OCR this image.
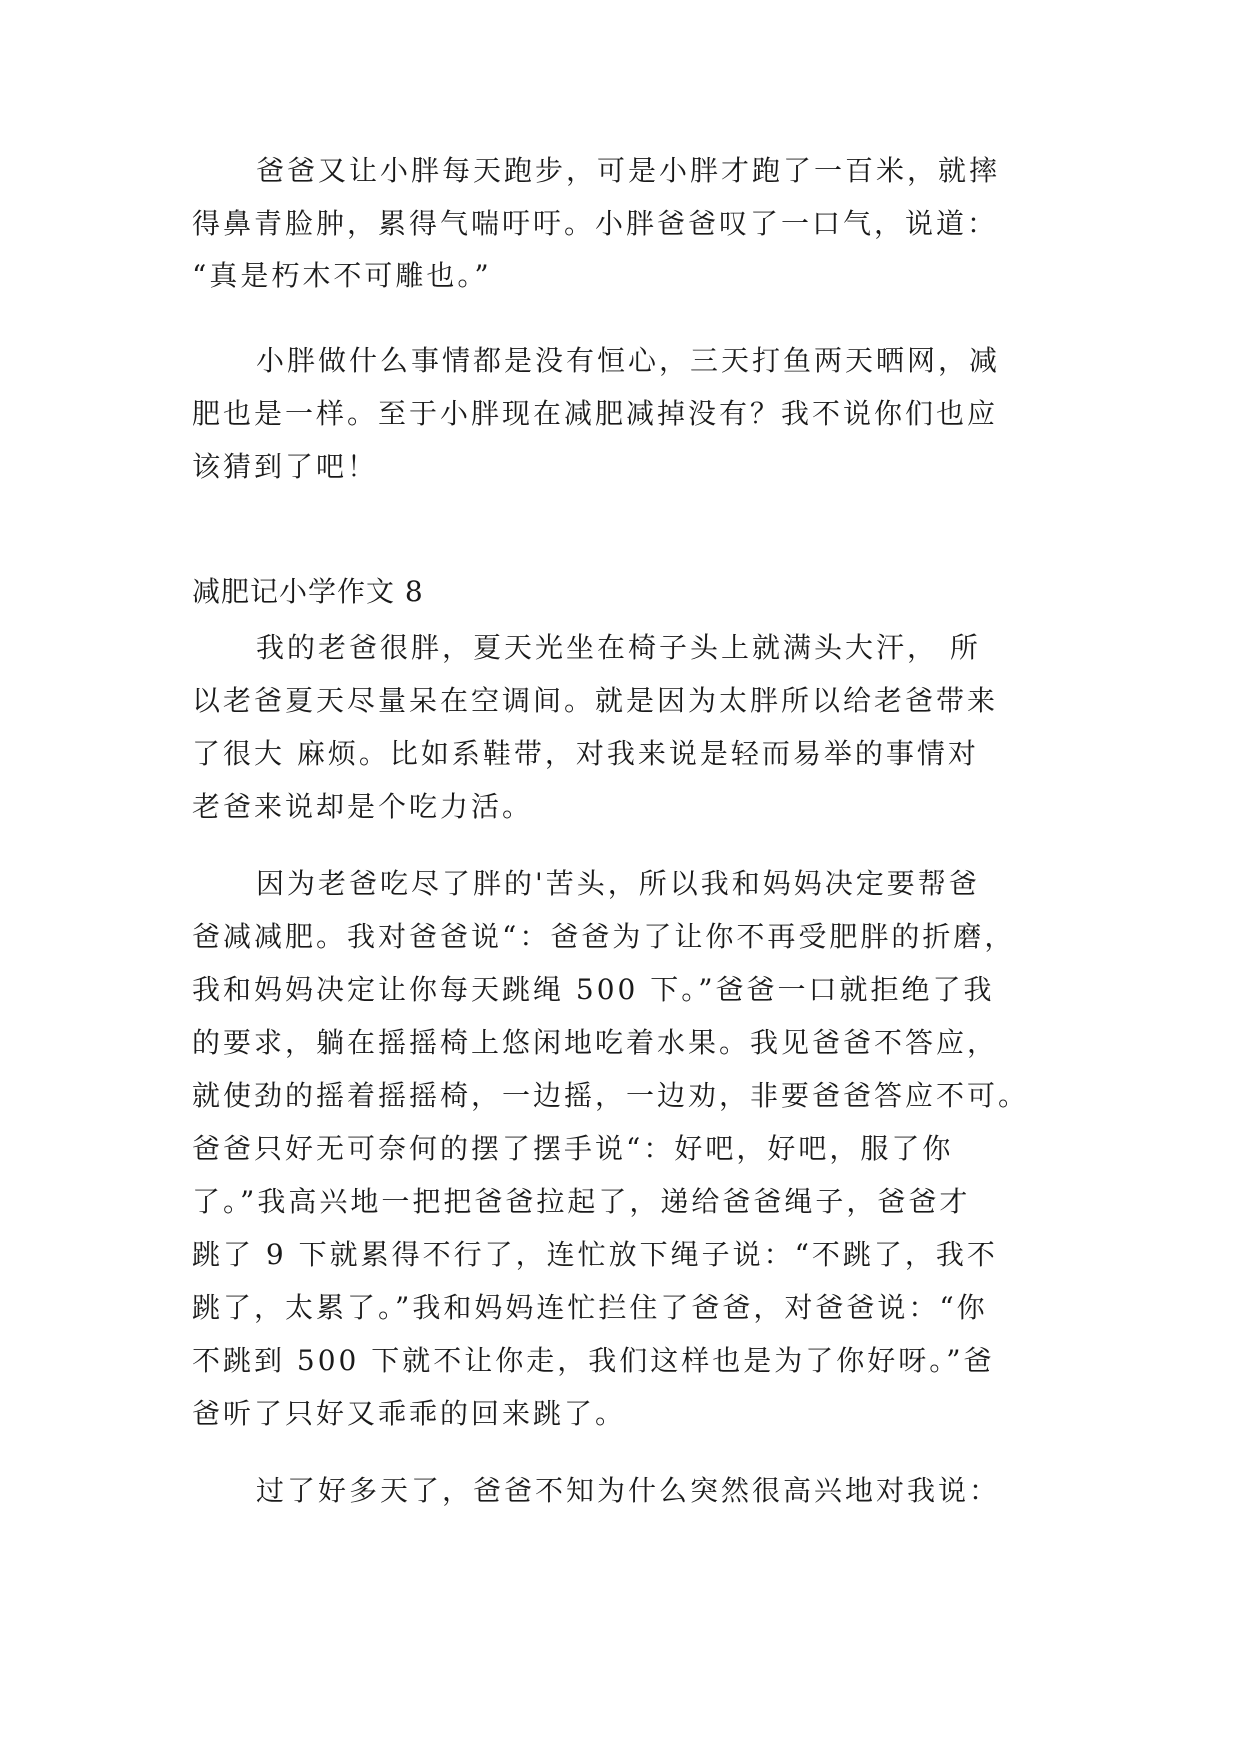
爸爸又让小胖每天跑步，可是小胖才跑了一百米，就摔

得鼻青脸肿，累得气喘吁吁。小胖爸爸叹了一口气，说道：

“真是朽木不可雕也。”

小胖做什么事情都是没有恒心，三天打鱼两天晒网，减

肥也是一样。至于小胖现在减肥减掉没有？我不说你们也应

该猜到了吧！

减肥记小学作文 8

我的老爸很胖，夏天光坐在椅子头上就满头大汗， 所

以老爸夏天尽量呆在空调间。就是因为太胖所以给老爸带来

了很大 麻烦。比如系鞋带，对我来说是轻而易举的事情对

老爸来说却是个吃力活。

因为老爸吃尽了胖的'苦头，所以我和妈妈决定要帮爸

爸减减肥。我对爸爸说“：爸爸为了让你不再受肥胖的折磨，

我和妈妈决定让你每天跳绳 500 下。”爸爸一口就拒绝了我

的要求，躺在摇摇椅上悠闲地吃着水果。我见爸爸不答应，

就使劲的摇着摇摇椅，一边摇，一边劝，非要爸爸答应不可。

爸爸只好无可奈何的摆了摆手说“：好吧，好吧，服了你

了。”我高兴地一把把爸爸拉起了，递给爸爸绳子，爸爸才

跳了 9 下就累得不行了，连忙放下绳子说：“不跳了，我不

跳了，太累了。”我和妈妈连忙拦住了爸爸，对爸爸说：“你

不跳到 500 下就不让你走，我们这样也是为了你好呀。”爸

爸听了只好又乖乖的回来跳了。

过了好多天了，爸爸不知为什么突然很高兴地对我说：
